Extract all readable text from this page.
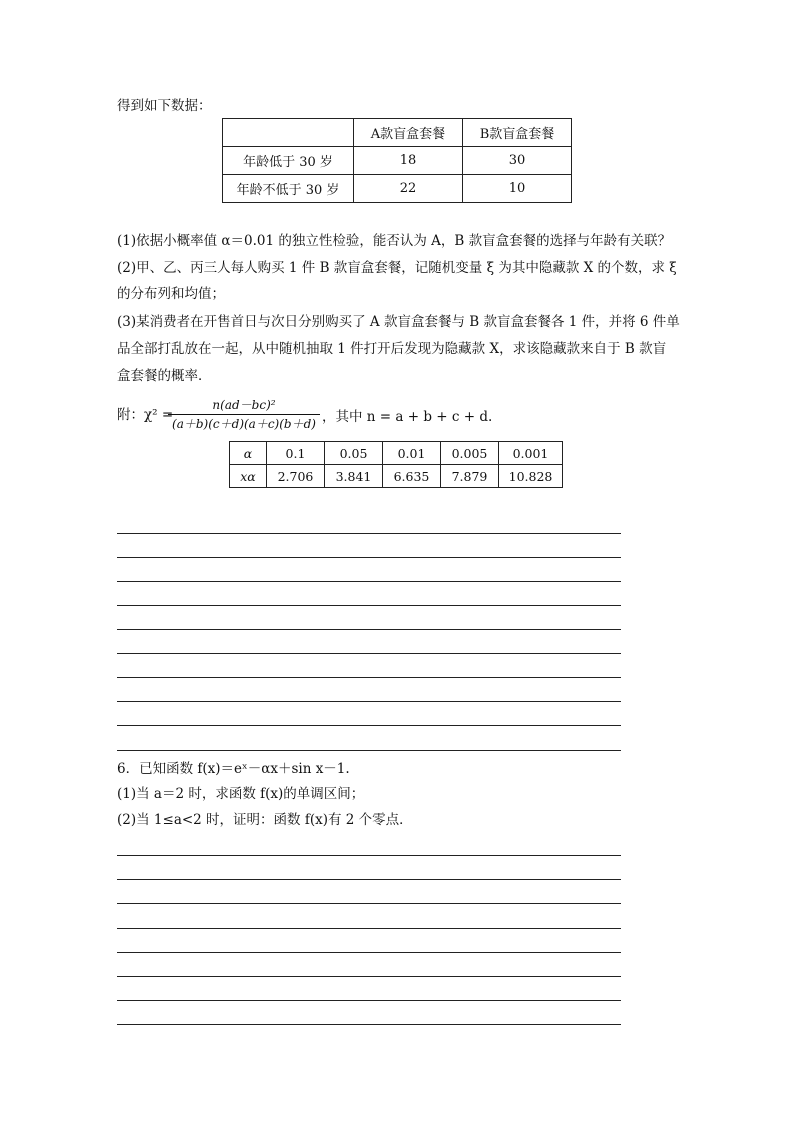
得到如下数据：
	A款盲盒套餐	B款盲盒套餐
年龄低于 30 岁	18	30
年龄不低于 30 岁	22	10
(1)依据小概率值 α＝0.01 的独立性检验，能否认为 A，B 款盲盒套餐的选择与年龄有关联？
(2)甲、乙、丙三人每人购买 1 件 B 款盲盒套餐，记随机变量 ξ 为其中隐藏款 X 的个数，求 ξ
的分布列和均值；
(3)某消费者在开售首日与次日分别购买了 A 款盲盒套餐与 B 款盲盒套餐各 1 件，并将 6 件单
品全部打乱放在一起，从中随机抽取 1 件打开后发现为隐藏款 X，求该隐藏款来自于 B 款盲
盒套餐的概率．
附：χ² =
n(ad－bc)²
(a＋b)(c＋d)(a＋c)(b＋d) ，其中 n = a + b + c + d.
α	0.1	0.05	0.01	0.005	0.001
xα	2.706	3.841	6.635	7.879	10.828
6．已知函数 f(x)＝eˣ－αx＋sin x－1.
(1)当 a＝2 时，求函数 f(x)的单调区间；
(2)当 1≤a<2 时，证明：函数 f(x)有 2 个零点．
